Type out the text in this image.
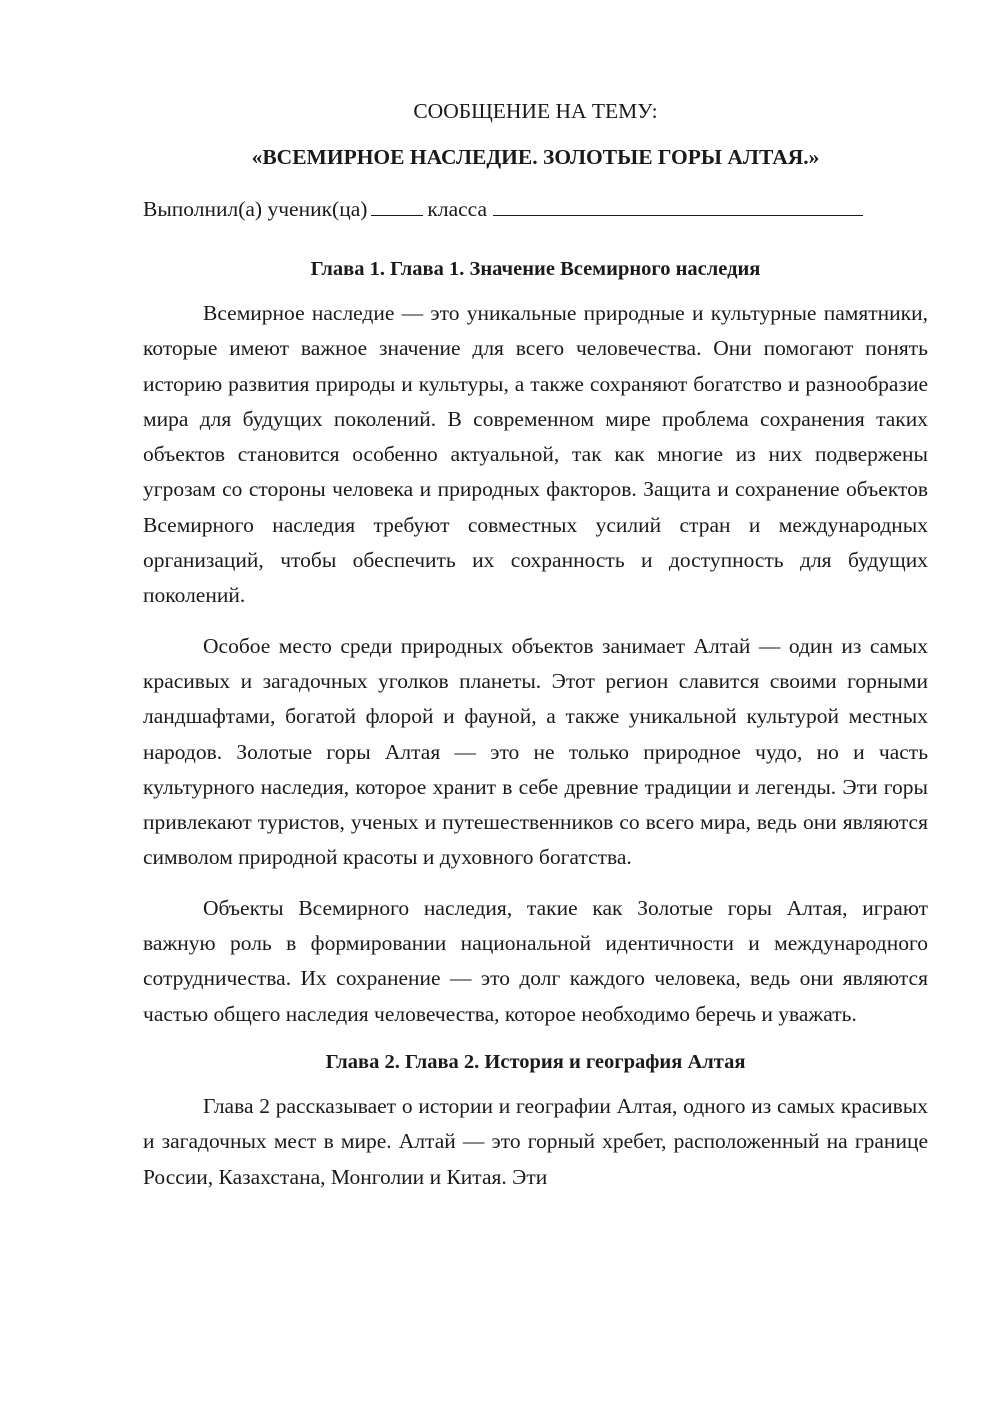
СООБЩЕНИЕ НА ТЕМУ:

«ВСЕМИРНОЕ НАСЛЕДИЕ. ЗОЛОТЫЕ ГОРЫ АЛТАЯ.»

Выполнил(а) ученик(ца)	класса

Глава 1. Глава 1. Значение Всемирного наследия

Всемирное наследие — это уникальные природные и культурные памятники, которые имеют важное значение для всего человечества. Они помогают понять историю развития природы и культуры, а также сохраняют богатство и разнообразие мира для будущих поколений. В современном мире проблема сохранения таких объектов становится особенно актуальной, так как многие из них подвержены угрозам со стороны человека и природных факторов. Защита и сохранение объектов Всемирного наследия требуют совместных усилий стран и международных организаций, чтобы обеспечить их сохранность и доступность для будущих поколений.

Особое место среди природных объектов занимает Алтай — один из самых красивых и загадочных уголков планеты. Этот регион славится своими горными ландшафтами, богатой флорой и фауной, а также уникальной культурой местных народов. Золотые горы Алтая — это не только природное чудо, но и часть культурного наследия, которое хранит в себе древние традиции и легенды. Эти горы привлекают туристов, ученых и путешественников со всего мира, ведь они являются символом природной красоты и духовного богатства.

Объекты Всемирного наследия, такие как Золотые горы Алтая, играют важную роль в формировании национальной идентичности и международного сотрудничества. Их сохранение — это долг каждого человека, ведь они являются частью общего наследия человечества, которое необходимо беречь и уважать.

Глава 2. Глава 2. История и география Алтая

Глава 2 рассказывает о истории и географии Алтая, одного из самых красивых и загадочных мест в мире. Алтай — это горный хребет, расположенный на границе России, Казахстана, Монголии и Китая. Эти
